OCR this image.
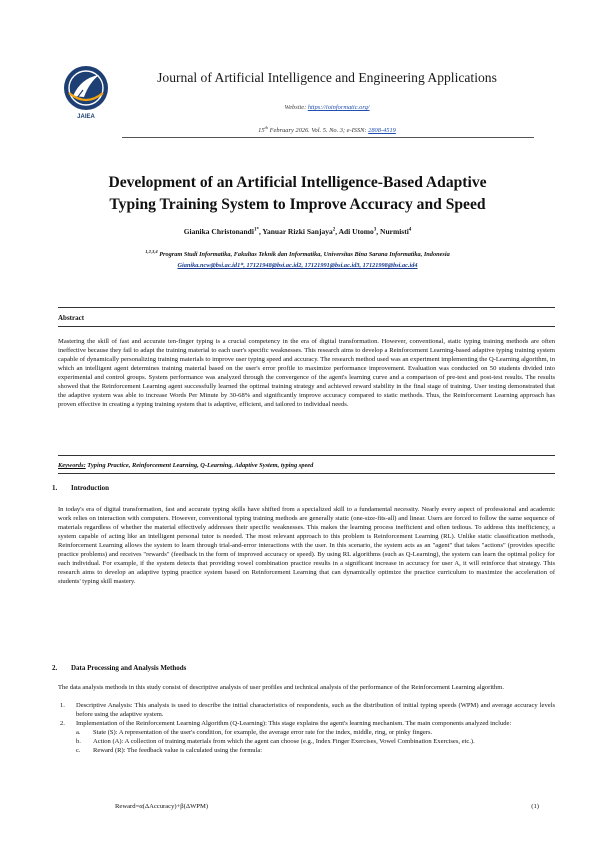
JAIEA
Journal of Artificial Intelligence and Engineering Applications
Website: https://ioinformatic.org/
15th February 2026. Vol. 5. No. 3; e-ISSN: 2808-4519
Development of an Artificial Intelligence-Based Adaptive
Typing Training System to Improve Accuracy and Speed
Gianika Christonandi$^{1*}$, Yanuar Rizki Sanjaya$^2$, Adi Utomo$^3$, Nurmisti$^4$
$^{1,2,3,4}$ Program Studi Informatika, Fakultas Teknik dan Informatika, Universitas Bina Sarana Informatika, Indonesia
Gianika.ncw@bsi.ac.id1*, 17121948@bsi.ac.id2, 17121991@bsi.ac.id3, 17121998@bsi.ac.id4
Abstract
Mastering the skill of fast and accurate ten-finger typing is a crucial competency in the era of digital transformation. However, conventional, static typing training methods are often ineffective because they fail to adapt the training material to each user's specific weaknesses. This research aims to develop a Reinforcement Learning-based adaptive typing training system capable of dynamically personalizing training materials to improve user typing speed and accuracy. The research method used was an experiment implementing the Q-Learning algorithm, in which an intelligent agent determines training material based on the user's error profile to maximize performance improvement. Evaluation was conducted on 50 students divided into experimental and control groups. System performance was analyzed through the convergence of the agent's learning curve and a comparison of pre-test and post-test results. The results showed that the Reinforcement Learning agent successfully learned the optimal training strategy and achieved reward stability in the final stage of training. User testing demonstrated that the adaptive system was able to increase Words Per Minute by 30-68% and significantly improve accuracy compared to static methods. Thus, the Reinforcement Learning approach has proven effective in creating a typing training system that is adaptive, efficient, and tailored to individual needs.
Keywords: Typing Practice, Reinforcement Learning, Q-Learning, Adaptive System, typing speed
1. Introduction
In today's era of digital transformation, fast and accurate typing skills have shifted from a specialized skill to a fundamental necessity. Nearly every aspect of professional and academic work relies on interaction with computers. However, conventional typing training methods are generally static (one-size-fits-all) and linear. Users are forced to follow the same sequence of materials regardless of whether the material effectively addresses their specific weaknesses. This makes the learning process inefficient and often tedious. To address this inefficiency, a system capable of acting like an intelligent personal tutor is needed. The most relevant approach to this problem is Reinforcement Learning (RL). Unlike static classification methods, Reinforcement Learning allows the system to learn through trial-and-error interactions with the user. In this scenario, the system acts as an "agent" that takes "actions" (provides specific practice problems) and receives "rewards" (feedback in the form of improved accuracy or speed). By using RL algorithms (such as Q-Learning), the system can learn the optimal policy for each individual. For example, if the system detects that providing vowel combination practice results in a significant increase in accuracy for user A, it will reinforce that strategy. This research aims to develop an adaptive typing practice system based on Reinforcement Learning that can dynamically optimize the practice curriculum to maximize the acceleration of students' typing skill mastery.
2. Data Processing and Analysis Methods
The data analysis methods in this study consist of descriptive analysis of user profiles and technical analysis of the performance of the Reinforcement Learning algorithm.
1. Descriptive Analysis: This analysis is used to describe the initial characteristics of respondents, such as the distribution of initial typing speeds (WPM) and average accuracy levels before using the adaptive system.
2. Implementation of the Reinforcement Learning Algorithm (Q-Learning): This stage explains the agent's learning mechanism. The main components analyzed include:
a. State (S): A representation of the user's condition, for example, the average error rate for the index, middle, ring, or pinky fingers.
b. Action (A): A collection of training materials from which the agent can choose (e.g., Index Finger Exercises, Vowel Combination Exercises, etc.).
c. Reward (R): The feedback value is calculated using the formula:
Reward=α(ΔAccuracy)+β(ΔWPM)	(1)
